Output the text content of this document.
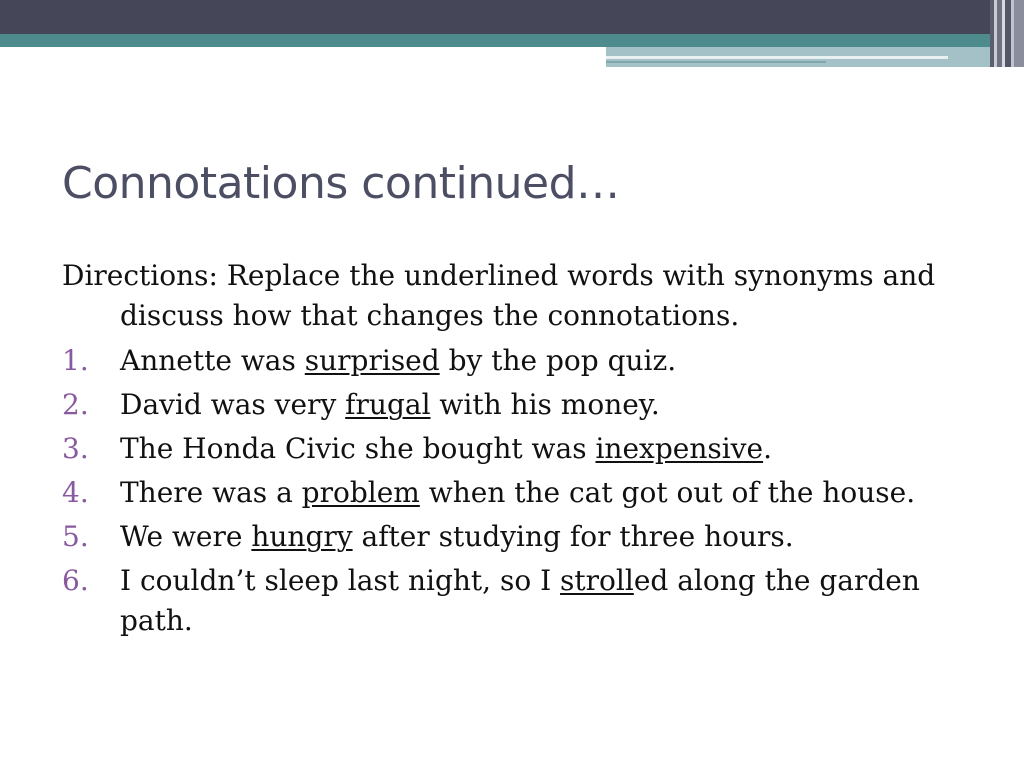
Connotations continued…

Directions: Replace the underlined words with synonyms and discuss how that changes the connotations.

1. Annette was surprised by the pop quiz.
2. David was very frugal with his money.
3. The Honda Civic she bought was inexpensive.
4. There was a problem when the cat got out of the house.
5. We were hungry after studying for three hours.
6. I couldn’t sleep last night, so I strolled along the garden path.
